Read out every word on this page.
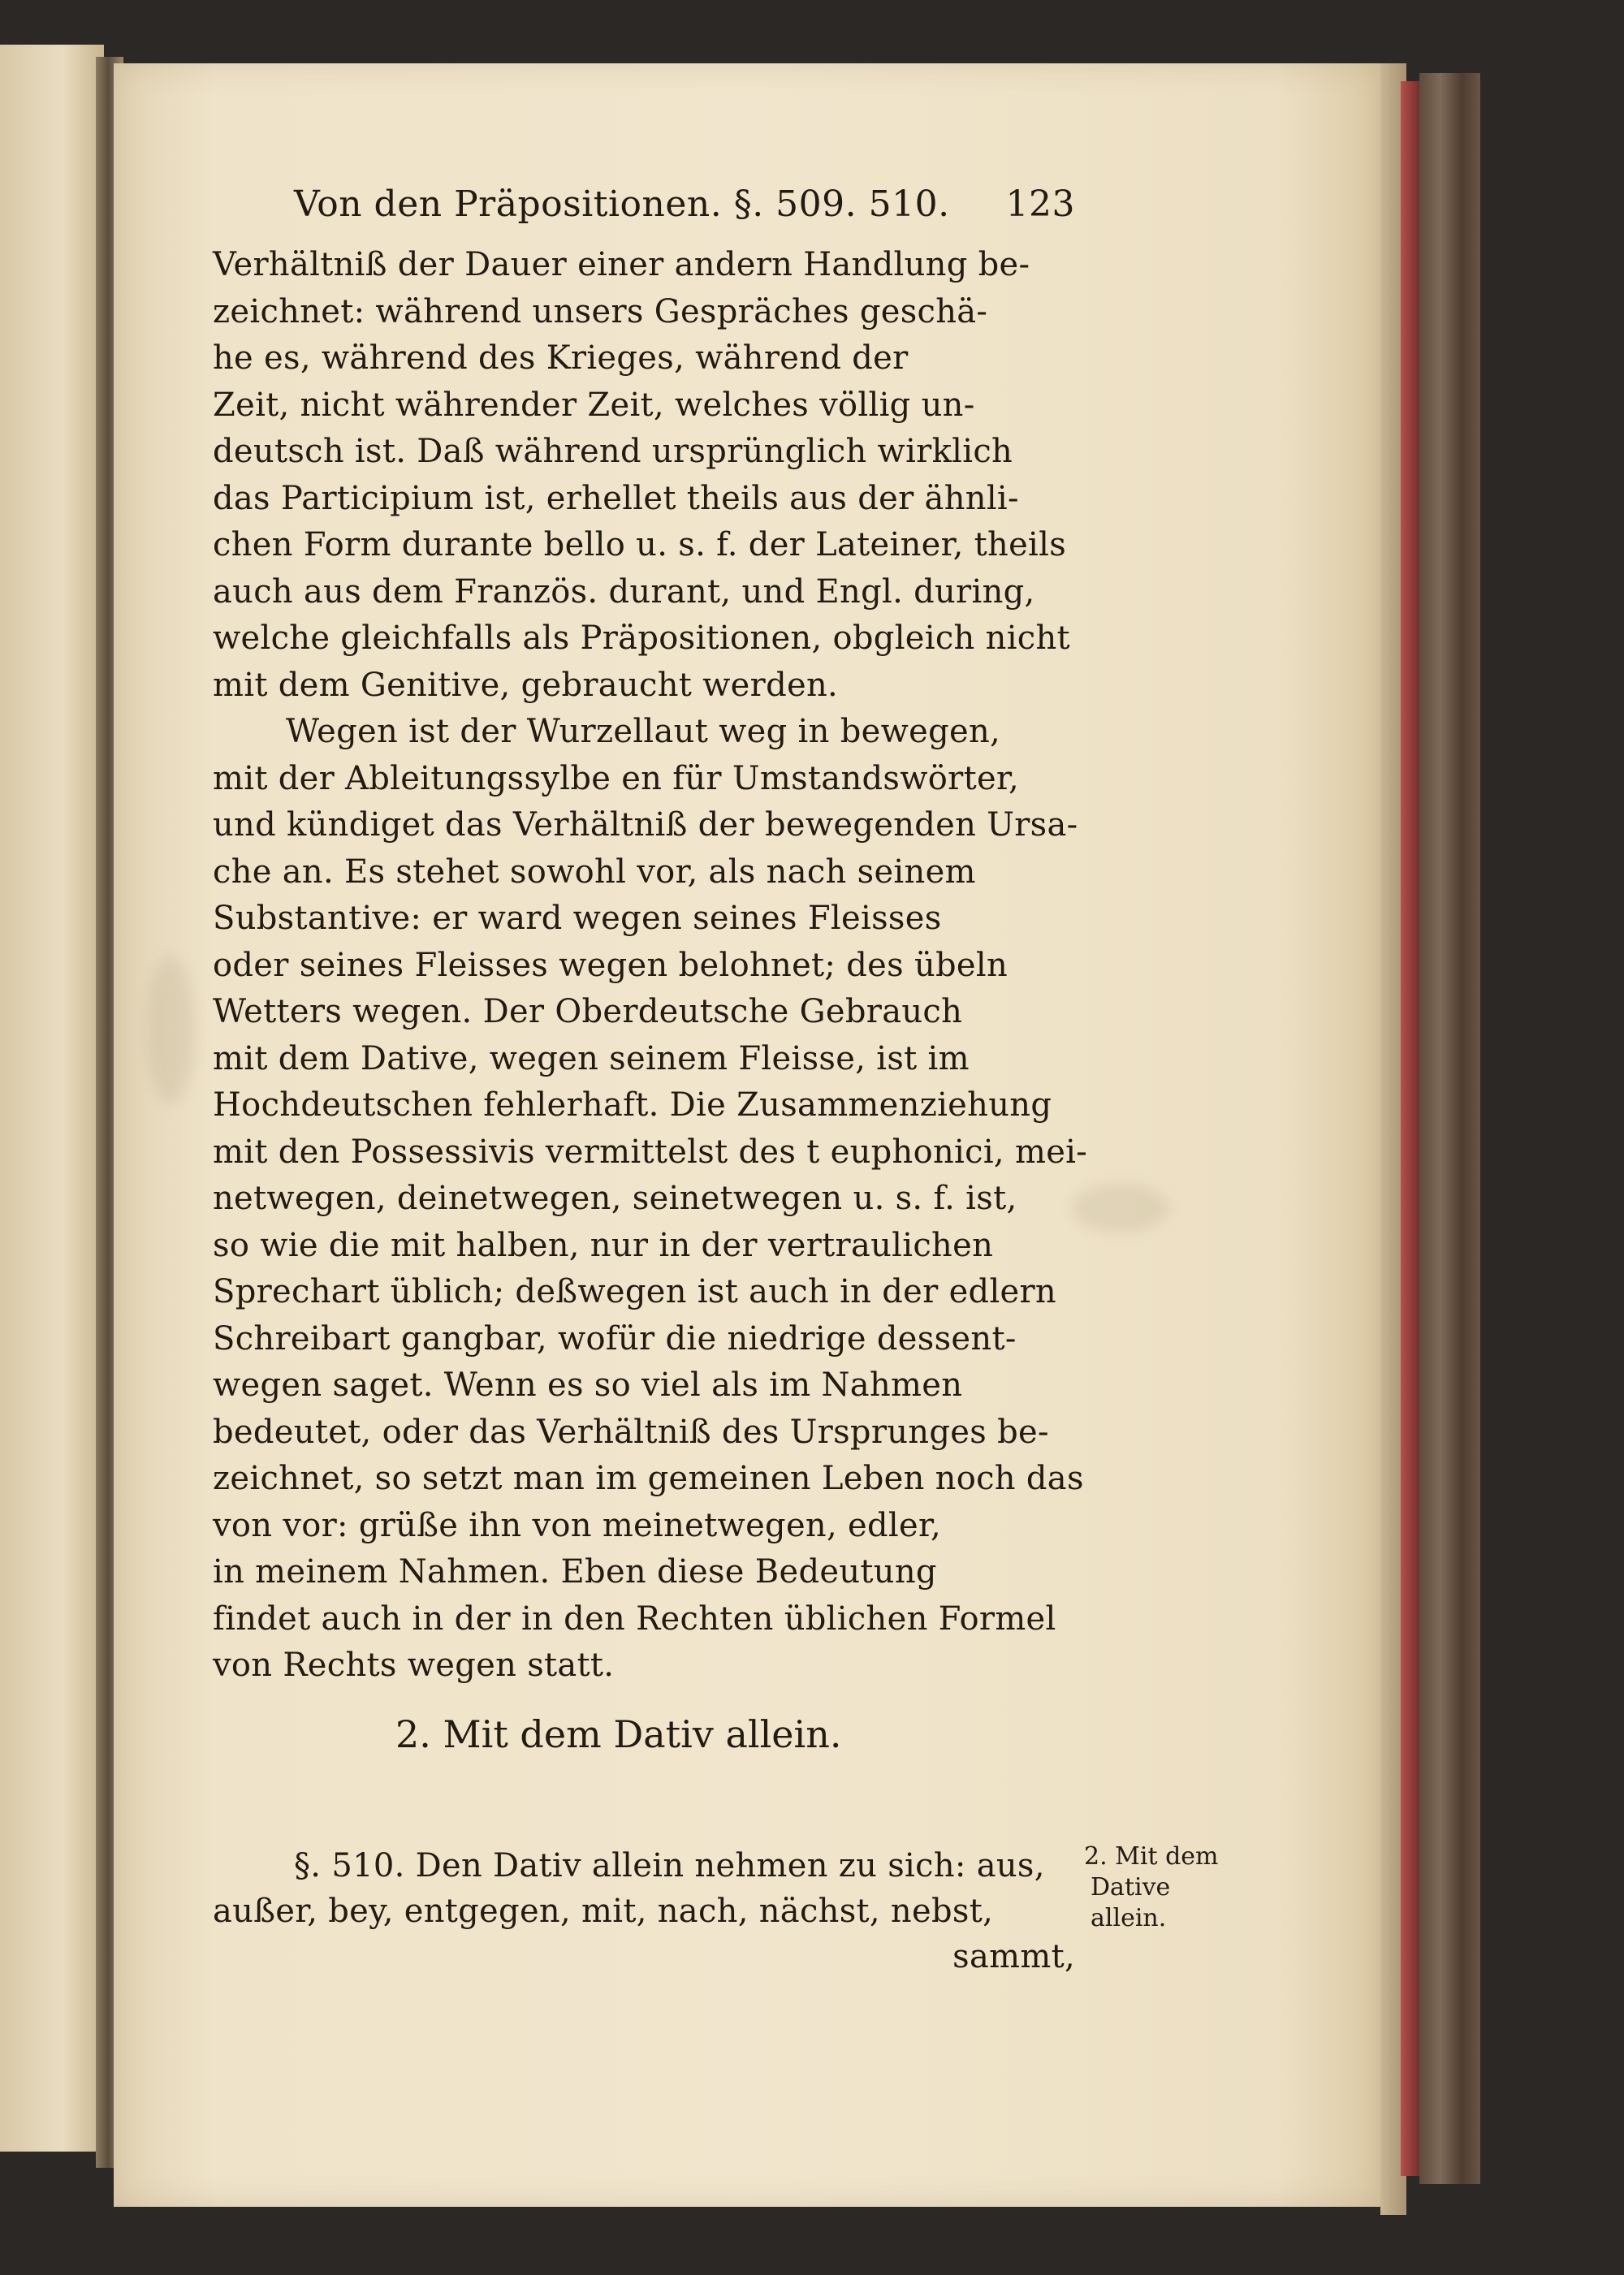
Von den Präpositionen. §. 509. 510. 123
Verhältniß der Dauer einer andern Handlung be-
zeichnet: während unsers Gespräches geschä-
he es, während des Krieges, während der
Zeit, nicht währender Zeit, welches völlig un-
deutsch ist. Daß während ursprünglich wirklich
das Participium ist, erhellet theils aus der ähnli-
chen Form durante bello u. s. f. der Lateiner, theils
auch aus dem Französ. durant, und Engl. during,
welche gleichfalls als Präpositionen, obgleich nicht
mit dem Genitive, gebraucht werden.
Wegen ist der Wurzellaut weg in bewegen,
mit der Ableitungssylbe en für Umstandswörter,
und kündiget das Verhältniß der bewegenden Ursa-
che an. Es stehet sowohl vor, als nach seinem
Substantive: er ward wegen seines Fleisses
oder seines Fleisses wegen belohnet; des übeln
Wetters wegen. Der Oberdeutsche Gebrauch
mit dem Dative, wegen seinem Fleisse, ist im
Hochdeutschen fehlerhaft. Die Zusammenziehung
mit den Possessivis vermittelst des t euphonici, mei-
netwegen, deinetwegen, seinetwegen u. s. f. ist,
so wie die mit halben, nur in der vertraulichen
Sprechart üblich; deßwegen ist auch in der edlern
Schreibart gangbar, wofür die niedrige dessent-
wegen saget. Wenn es so viel als im Nahmen
bedeutet, oder das Verhältniß des Ursprunges be-
zeichnet, so setzt man im gemeinen Leben noch das
von vor: grüße ihn von meinetwegen, edler,
in meinem Nahmen. Eben diese Bedeutung
findet auch in der in den Rechten üblichen Formel
von Rechts wegen statt.
2. Mit dem Dativ allein.
§. 510. Den Dativ allein nehmen zu sich: aus,
außer, bey, entgegen, mit, nach, nächst, nebst,
sammt,
2. Mit dem
Dative
allein.
